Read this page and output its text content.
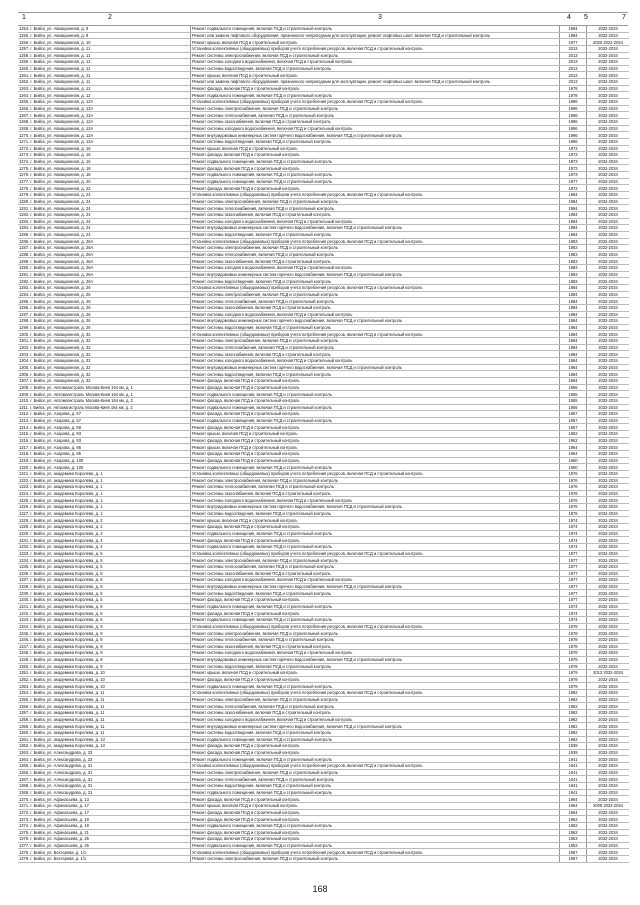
1	2	3	4 5	7
1254. г. Бийск, ул. Авиационная, д. 8	Ремонт подвального помещения, включая ПСД и строительный контроль	1984	2032-2034
1255. г. Бийск, ул. Авиационная, д. 8	Ремонт или замена лифтового оборудования, признанного непригодным для эксплуатации, ремонт лифтовых шахт, включая ПСД и строительный контроль	1984	2032-2034
1256. г. Бийск, ул. Авиационная, д. 10	Ремонт крыши, включая ПСД и строительный контроль	1977	2020 2022-2024
1257. г. Бийск, ул. Авиационная, д. 11	Установка коллективных (общедомовых) приборов учета потребления ресурсов, включая ПСД и строительный контроль	2013	2032-2034
1258. г. Бийск, ул. Авиационная, д. 11	Ремонт системы электроснабжения, включая ПСД и строительный контроль	2013	2032-2034
1259. г. Бийск, ул. Авиационная, д. 11	Ремонт системы холодного водоснабжения, включая ПСД и строительный контроль	2013	2032-2034
1260. г. Бийск, ул. Авиационная, д. 11	Ремонт системы водоотведения, включая ПСД и строительный контроль	2013	2032-2034
1261. г. Бийск, ул. Авиационная, д. 11	Ремонт крыши, включая ПСД и строительный контроль	2013	2032-2034
1262. г. Бийск, ул. Авиационная, д. 11	Ремонт или замена лифтового оборудования, признанного непригодным для эксплуатации, ремонт лифтовых шахт, включая ПСД и строительный контроль	2013	2032-2034
1263. г. Бийск, ул. Авиационная, д. 12	Ремонт фасада, включая ПСД и строительный контроль	1978	2032-2034
1264. г. Бийск, ул. Авиационная, д. 12	Ремонт подвального помещения, включая ПСД и строительный контроль	1978	2032-2034
1265. г. Бийск, ул. Авиационная, д. 12А	Установка коллективных (общедомовых) приборов учета потребления ресурсов, включая ПСД и строительный контроль	1996	2032-2034
1266. г. Бийск, ул. Авиационная, д. 12А	Ремонт системы электроснабжения, включая ПСД и строительный контроль	1996	2032-2034
1267. г. Бийск, ул. Авиационная, д. 12А	Ремонт системы теплоснабжения, включая ПСД и строительный контроль	1996	2032-2034
1268. г. Бийск, ул. Авиационная, д. 12А	Ремонт системы газоснабжения, включая ПСД и строительный контроль	1996	2032-2034
1269. г. Бийск, ул. Авиационная, д. 12А	Ремонт системы холодного водоснабжения, включая ПСД и строительный контроль	1996	2032-2034
1270. г. Бийск, ул. Авиационная, д. 12А	Ремонт внутридомовых инженерных систем горячего водоснабжения, включая ПСД и строительный контроль	1996	2032-2034
1271. г. Бийск, ул. Авиационная, д. 12А	Ремонт системы водоотведения, включая ПСД и строительный контроль	1996	2032-2034
1272. г. Бийск, ул. Авиационная, д. 16	Ремонт крыши, включая ПСД и строительный контроль	1973	2032-2034
1273. г. Бийск, ул. Авиационная, д. 16	Ремонт фасада, включая ПСД и строительный контроль	1973	2032-2034
1274. г. Бийск, ул. Авиационная, д. 16	Ремонт подвального помещения, включая ПСД и строительный контроль	1973	2032-2034
1275. г. Бийск, ул. Авиационная, д. 18	Ремонт фасада, включая ПСД и строительный контроль	1973	2032-2034
1276. г. Бийск, ул. Авиационная, д. 18	Ремонт подвального помещения, включая ПСД и строительный контроль	1973	2032-2034
1277. г. Бийск, ул. Авиационная, д. 20	Ремонт подвального помещения, включая ПСД и строительный контроль	1977	2032-2034
1278. г. Бийск, ул. Авиационная, д. 22	Ремонт фасада, включая ПСД и строительный контроль	1972	2032-2034
1279. г. Бийск, ул. Авиационная, д. 24	Установка коллективных (общедомовых) приборов учета потребления ресурсов, включая ПСД и строительный контроль	1984	2032-2034
1280. г. Бийск, ул. Авиационная, д. 24	Ремонт системы электроснабжения, включая ПСД и строительный контроль	1984	2032-2034
1281. г. Бийск, ул. Авиационная, д. 24	Ремонт системы теплоснабжения, включая ПСД и строительный контроль	1984	2032-2034
1282. г. Бийск, ул. Авиационная, д. 24	Ремонт системы газоснабжения, включая ПСД и строительный контроль	1984	2032-2034
1283. г. Бийск, ул. Авиационная, д. 24	Ремонт системы холодного водоснабжения, включая ПСД и строительный контроль	1984	2032-2034
1284. г. Бийск, ул. Авиационная, д. 24	Ремонт внутридомовых инженерных систем горячего водоснабжения, включая ПСД и строительный контроль	1984	2032-2034
1285. г. Бийск, ул. Авиационная, д. 24	Ремонт системы водоотведения, включая ПСД и строительный контроль	1984	2032-2034
1286. г. Бийск, ул. Авиационная, д. 26А	Установка коллективных (общедомовых) приборов учета потребления ресурсов, включая ПСД и строительный контроль	1983	2032-2034
1287. г. Бийск, ул. Авиационная, д. 26А	Ремонт системы электроснабжения, включая ПСД и строительный контроль	1983	2032-2034
1288. г. Бийск, ул. Авиационная, д. 26А	Ремонт системы теплоснабжения, включая ПСД и строительный контроль	1983	2032-2034
1289. г. Бийск, ул. Авиационная, д. 26А	Ремонт системы газоснабжения, включая ПСД и строительный контроль	1983	2032-2034
1290. г. Бийск, ул. Авиационная, д. 26А	Ремонт системы холодного водоснабжения, включая ПСД и строительный контроль	1983	2032-2034
1291. г. Бийск, ул. Авиационная, д. 26А	Ремонт внутридомовых инженерных систем горячего водоснабжения, включая ПСД и строительный контроль	1983	2032-2034
1292. г. Бийск, ул. Авиационная, д. 26А	Ремонт системы водоотведения, включая ПСД и строительный контроль	1983	2032-2034
1293. г. Бийск, ул. Авиационная, д. 26	Установка коллективных (общедомовых) приборов учета потребления ресурсов, включая ПСД и строительный контроль	1984	2032-2034
1294. г. Бийск, ул. Авиационная, д. 26	Ремонт системы электроснабжения, включая ПСД и строительный контроль	1984	2032-2034
1295. г. Бийск, ул. Авиационная, д. 26	Ремонт системы теплоснабжения, включая ПСД и строительный контроль	1984	2032-2034
1296. г. Бийск, ул. Авиационная, д. 26	Ремонт системы газоснабжения, включая ПСД и строительный контроль	1984	2032-2034
1297. г. Бийск, ул. Авиационная, д. 26	Ремонт системы холодного водоснабжения, включая ПСД и строительный контроль	1984	2032-2034
1298. г. Бийск, ул. Авиационная, д. 26	Ремонт внутридомовых инженерных систем горячего водоснабжения, включая ПСД и строительный контроль	1984	2032-2034
1299. г. Бийск, ул. Авиационная, д. 26	Ремонт системы водоотведения, включая ПСД и строительный контроль	1984	2032-2034
1300. г. Бийск, ул. Авиационная, д. 32	Установка коллективных (общедомовых) приборов учета потребления ресурсов, включая ПСД и строительный контроль	1984	2032-2034
1301. г. Бийск, ул. Авиационная, д. 32	Ремонт системы электроснабжения, включая ПСД и строительный контроль	1984	2032-2034
1302. г. Бийск, ул. Авиационная, д. 32	Ремонт системы теплоснабжения, включая ПСД и строительный контроль	1984	2032-2034
1303. г. Бийск, ул. Авиационная, д. 32	Ремонт системы газоснабжения, включая ПСД и строительный контроль	1984	2032-2034
1304. г. Бийск, ул. Авиационная, д. 32	Ремонт системы холодного водоснабжения, включая ПСД и строительный контроль	1984	2032-2034
1305. г. Бийск, ул. Авиационная, д. 32	Ремонт внутридомовых инженерных систем горячего водоснабжения, включая ПСД и строительный контроль	1984	2032-2034
1306. г. Бийск, ул. Авиационная, д. 32	Ремонт системы водоотведения, включая ПСД и строительный контроль	1984	2032-2034
1307. г. Бийск, ул. Авиационная, д. 32	Ремонт фасада, включая ПСД и строительный контроль	1984	2032-2034
1308. г. Бийск, ул. Автомагистраль Москва-Киев 164 км, д. 1	Ремонт фасада, включая ПСД и строительный контроль	1955	2032-2034
1309. г. Бийск, ул. Автомагистраль Москва-Киев 164 км, д. 1	Ремонт подвального помещения, включая ПСД и строительный контроль	1955	2032-2034
1310. г. Бийск, ул. Автомагистраль Москва-Киев 164 км, д. 2	Ремонт фасада, включая ПСД и строительный контроль	1955	2032-2034
1311. г. Бийск, ул. Автомагистраль Москва-Киев 164 км, д. 2	Ремонт подвального помещения, включая ПСД и строительный контроль	1955	2032-2034
1312. г. Бийск, ул. Азарова, д. 57	Ремонт фасада, включая ПСД и строительный контроль	1957	2032-2034
1313. г. Бийск, ул. Азарова, д. 57	Ремонт подвального помещения, включая ПСД и строительный контроль	1957	2032-2034
1314. г. Бийск, ул. Азарова, д. 59	Ремонт фасада, включая ПСД и строительный контроль	1957	2032-2034
1315. г. Бийск, ул. Азарова, д. 93	Ремонт крыши, включая ПСД и строительный контроль	1962	2032-2034
1316. г. Бийск, ул. Азарова, д. 93	Ремонт фасада, включая ПСД и строительный контроль	1962	2032-2034
1317. г. Бийск, ул. Азарова, д. 95	Ремонт крыши, включая ПСД и строительный контроль	1964	2032-2034
1318. г. Бийск, ул. Азарова, д. 95	Ремонт фасада, включая ПСД и строительный контроль	1964	2032-2034
1319. г. Бийск, ул. Азарова, д. 100	Ремонт фасада, включая ПСД и строительный контроль	1960	2032-2034
1320. г. Бийск, ул. Азарова, д. 100	Ремонт подвального помещения, включая ПСД и строительный контроль	1960	2032-2034
1321. г. Бийск, ул. академика Королева, д. 1	Установка коллективных (общедомовых) приборов учета потребления ресурсов, включая ПСД и строительный контроль	1976	2032-2034
1322. г. Бийск, ул. академика Королева, д. 1	Ремонт системы электроснабжения, включая ПСД и строительный контроль	1976	2032-2034
1323. г. Бийск, ул. академика Королева, д. 1	Ремонт системы теплоснабжения, включая ПСД и строительный контроль	1976	2032-2034
1324. г. Бийск, ул. академика Королева, д. 1	Ремонт системы газоснабжения, включая ПСД и строительный контроль	1976	2032-2034
1325. г. Бийск, ул. академика Королева, д. 1	Ремонт системы холодного водоснабжения, включая ПСД и строительный контроль	1976	2032-2034
1326. г. Бийск, ул. академика Королева, д. 1	Ремонт внутридомовых инженерных систем горячего водоснабжения, включая ПСД и строительный контроль	1976	2032-2034
1327. г. Бийск, ул. академика Королева, д. 1	Ремонт системы водоотведения, включая ПСД и строительный контроль	1976	2032-2034
1328. г. Бийск, ул. академика Королева, д. 2	Ремонт крыши, включая ПСД и строительный контроль	1974	2032-2034
1329. г. Бийск, ул. академика Королева, д. 2	Ремонт фасада, включая ПСД и строительный контроль	1974	2032-2034
1330. г. Бийск, ул. академика Королева, д. 2	Ремонт подвального помещения, включая ПСД и строительный контроль	1974	2032-2034
1331. г. Бийск, ул. академика Королева, д. 4	Ремонт фасада, включая ПСД и строительный контроль	1974	2032-2034
1332. г. Бийск, ул. академика Королева, д. 4	Ремонт подвального помещения, включая ПСД и строительный контроль	1974	2032-2034
1333. г. Бийск, ул. академика Королева, д. 5	Установка коллективных (общедомовых) приборов учета потребления ресурсов, включая ПСД и строительный контроль	1977	2032-2034
1334. г. Бийск, ул. академика Королева, д. 5	Ремонт системы электроснабжения, включая ПСД и строительный контроль	1977	2032-2034
1335. г. Бийск, ул. академика Королева, д. 5	Ремонт системы теплоснабжения, включая ПСД и строительный контроль	1977	2032-2034
1336. г. Бийск, ул. академика Королева, д. 5	Ремонт системы газоснабжения, включая ПСД и строительный контроль	1977	2032-2034
1337. г. Бийск, ул. академика Королева, д. 5	Ремонт системы холодного водоснабжения, включая ПСД и строительный контроль	1977	2032-2034
1338. г. Бийск, ул. академика Королева, д. 5	Ремонт внутридомовых инженерных систем горячего водоснабжения, включая ПСД и строительный контроль	1977	2032-2034
1339. г. Бийск, ул. академика Королева, д. 5	Ремонт системы водоотведения, включая ПСД и строительный контроль	1977	2032-2034
1340. г. Бийск, ул. академика Королева, д. 5	Ремонт фасада, включая ПСД и строительный контроль	1977	2032-2034
1341. г. Бийск, ул. академика Королева, д. 5	Ремонт подвального помещения, включая ПСД и строительный контроль	1974	2032-2034
1342. г. Бийск, ул. академика Королева, д. 6	Ремонт фасада, включая ПСД и строительный контроль	1974	2032-2034
1343. г. Бийск, ул. академика Королева, д. 6	Ремонт подвального помещения, включая ПСД и строительный контроль	1974	2032-2034
1344. г. Бийск, ул. академика Королева, д. 9	Установка коллективных (общедомовых) приборов учета потребления ресурсов, включая ПСД и строительный контроль	1978	2032-2034
1345. г. Бийск, ул. академика Королева, д. 9	Ремонт системы электроснабжения, включая ПСД и строительный контроль	1978	2032-2034
1346. г. Бийск, ул. академика Королева, д. 9	Ремонт системы теплоснабжения, включая ПСД и строительный контроль	1978	2032-2034
1347. г. Бийск, ул. академика Королева, д. 9	Ремонт системы газоснабжения, включая ПСД и строительный контроль	1978	2032-2034
1348. г. Бийск, ул. академика Королева, д. 9	Ремонт системы холодного водоснабжения, включая ПСД и строительный контроль	1978	2032-2034
1349. г. Бийск, ул. академика Королева, д. 9	Ремонт внутридомовых инженерных систем горячего водоснабжения, включая ПСД и строительный контроль	1978	2032-2034
1350. г. Бийск, ул. академика Королева, д. 9	Ремонт системы водоотведения, включая ПСД и строительный контроль	1978	2032-2034
1351. г. Бийск, ул. академика Королева, д. 10	Ремонт крыши, включая ПСД и строительный контроль	1979	2013 2032-2034
1352. г. Бийск, ул. академика Королева, д. 10	Ремонт фасада, включая ПСД и строительный контроль	1979	2032-2034
1353. г. Бийск, ул. академика Королева, д. 10	Ремонт подвального помещения, включая ПСД и строительный контроль	1979	2032-2034
1354. г. Бийск, ул. академика Королева, д. 11	Установка коллективных (общедомовых) приборов учета потребления ресурсов, включая ПСД и строительный контроль	1982	2032-2034
1355. г. Бийск, ул. академика Королева, д. 11	Ремонт системы электроснабжения, включая ПСД и строительный контроль	1982	2032-2034
1356. г. Бийск, ул. академика Королева, д. 11	Ремонт системы теплоснабжения, включая ПСД и строительный контроль	1982	2032-2034
1357. г. Бийск, ул. академика Королева, д. 11	Ремонт системы газоснабжения, включая ПСД и строительный контроль	1982	2032-2034
1358. г. Бийск, ул. академика Королева, д. 11	Ремонт системы холодного водоснабжения, включая ПСД и строительный контроль	1982	2032-2034
1359. г. Бийск, ул. академика Королева, д. 11	Ремонт внутридомовых инженерных систем горячего водоснабжения, включая ПСД и строительный контроль	1982	2032-2034
1360. г. Бийск, ул. академика Королева, д. 11	Ремонт системы водоотведения, включая ПСД и строительный контроль	1982	2032-2034
1361. г. Бийск, ул. академика Королева, д. 13	Ремонт подвального помещения, включая ПСД и строительный контроль	1982	2032-2034
1362. г. Бийск, ул. академика Королева, д. 13	Ремонт фасада, включая ПСД и строительный контроль	1939	2032-2034
1363. г. Бийск, ул. Александрова, д. 23	Ремонт фасада, включая ПСД и строительный контроль	1939	2032-2034
1364. г. Бийск, ул. Александрова, д. 23	Ремонт подвального помещения, включая ПСД и строительный контроль	1941	2032-2034
1365. г. Бийск, ул. Александрова, д. 31	Установка коллективных (общедомовых) приборов учета потребления ресурсов, включая ПСД и строительный контроль	1941	2032-2034
1366. г. Бийск, ул. Александрова, д. 31	Ремонт системы электроснабжения, включая ПСД и строительный контроль	1941	2032-2034
1367. г. Бийск, ул. Александрова, д. 31	Ремонт системы теплоснабжения, включая ПСД и строительный контроль	1941	2032-2034
1368. г. Бийск, ул. Александрова, д. 31	Ремонт системы водоотведения, включая ПСД и строительный контроль	1941	2032-2034
1369. г. Бийск, ул. Александрова, д. 31	Ремонт подвального помещения, включая ПСД и строительный контроль	1941	2032-2034
1370. г. Бийск, ул. Афанасьева, д. 13	Ремонт фасада, включая ПСД и строительный контроль	1964	2032-2034
1371. г. Бийск, ул. Афанасьева, д. 17	Ремонт крыши, включая ПСД и строительный контроль	1964	2008 2032-2034
1372. г. Бийск, ул. Афанасьева, д. 17	Ремонт фасада, включая ПСД и строительный контроль	1964	2032-2034
1373. г. Бийск, ул. Афанасьева, д. 19	Ремонт фасада, включая ПСД и строительный контроль	1962	2032-2034
1374. г. Бийск, ул. Афанасьева, д. 19	Ремонт подвального помещения, включая ПСД и строительный контроль	1962	2032-2034
1375. г. Бийск, ул. Афанасьева, д. 21	Ремонт фасада, включая ПСД и строительный контроль	1962	2032-2034
1376. г. Бийск, ул. Афанасьева, д. 25	Ремонт фасада, включая ПСД и строительный контроль	1953	2032-2034
1377. г. Бийск, ул. Афанасьева, д. 25	Ремонт подвального помещения, включая ПСД и строительный контроль	1953	2032-2034
1378. г. Бийск, ул. Бехтерева, д. 1/1	Установка коллективных (общедомовых) приборов учета потребления ресурсов, включая ПСД и строительный контроль	1987	2032-2034
1379. г. Бийск, ул. Бехтерева, д. 1/1	Ремонт системы электроснабжения, включая ПСД и строительный контроль	1987	2032-2034
168
